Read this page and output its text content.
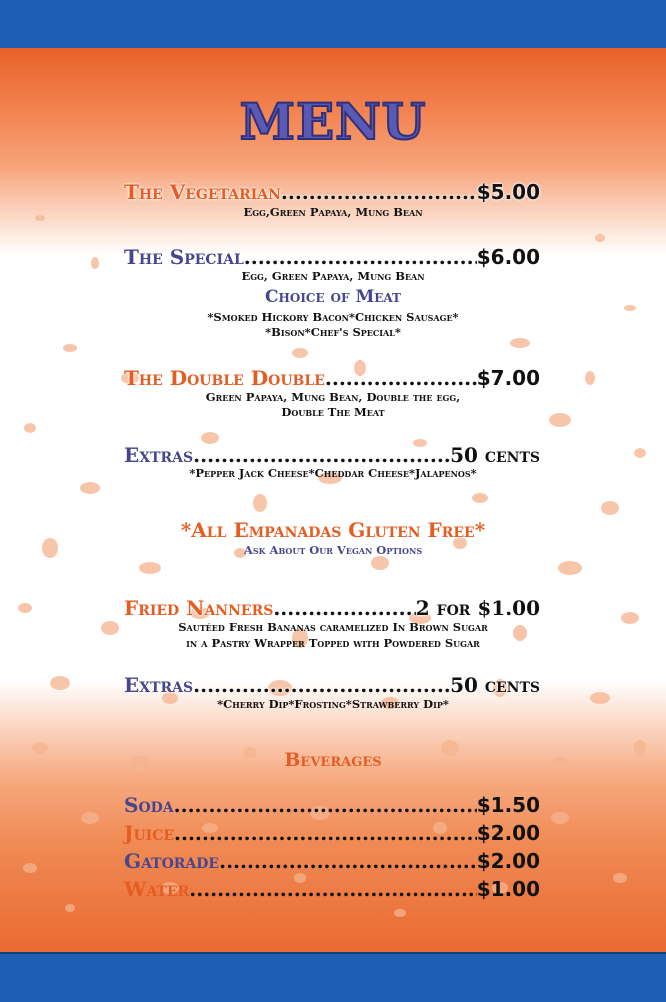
MENU
The Vegetarian .....	$5.00
Egg,Green Papaya, Mung Bean
The Special .....	$6.00
Egg, Green Papaya, Mung Bean
Choice of Meat
*Smoked Hickory Bacon*Chicken Sausage*
*Bison*Chef's Special*
The Double Double .....	$7.00
Green Papaya, Mung Bean, Double the egg,
Double The Meat
Extras .....	50 cents
*Pepper Jack Cheese*Cheddar Cheese*Jalapenos*
*All Empanadas Gluten Free*
Ask About Our Vegan Options
Fried Nanners .....	2 for $1.00
Sautéed Fresh Bananas caramelized In Brown Sugar
in a Pastry Wrapper Topped with Powdered Sugar
Extras .....	50 cents
*Cherry Dip*Frosting*Strawberry Dip*
Beverages
Soda .....	$1.50
Juice .....	$2.00
Gatorade .....	$2.00
Water .....	$1.00
